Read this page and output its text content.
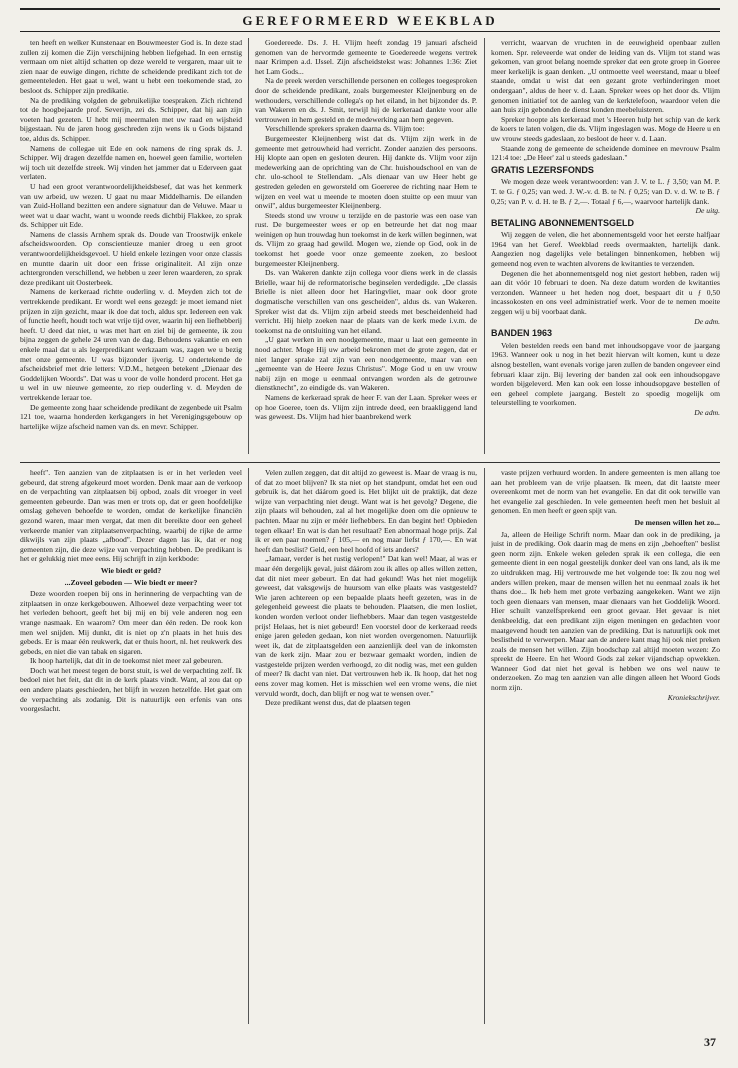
GEREFORMEERD WEEKBLAD

ten heeft en welker Kunstenaar en Bouwmeester God is. In deze stad zullen zij komen die Zijn verschijning hebben liefgehad. In een ernstig vermaan om niet altijd schatten op deze wereld te vergaren, maar uit te zien naar de euwige dingen, richtte de scheidende predikant zich tot de gemeenteleden. Het gaat u wel, want u hebt een toekomende stad, zo besloot ds. Schipper zijn predikatie.

Na de prediking volgden de gebruikelijke toespraken. Zich richtend tot de hoogbejaarde prof. Severijn, zei ds. Schipper, dat hij aan zijn voeten had gezeten. U hebt mij meermalen met uw raad en wijsheid bijgestaan. Nu de jaren hoog geschreden zijn wens ik u Gods bijstand toe, aldus ds. Schipper.

Namens de collegae uit Ede en ook namens de ring sprak ds. J. Schipper. Wij dragen dezelfde namen en, hoewel geen familie, wortelen wij toch uit dezelfde streek. Wij vinden het jammer dat u Ederveen gaat verlaten.

U had een groot verantwoordelijkheidsbesef, dat was het kenmerk van uw arbeid, uw wezen. U gaat nu maar Middelharnis. De eilanden van Zuid-Holland bezitten een andere signatuur dan de Veluwe. Maar u weet wat u daar wacht, want u woonde reeds dichtbij Flakkee, zo sprak ds. Schipper uit Ede.

Namens de classis Arnhem sprak ds. Doude van Troostwijk enkele afscheidswoorden. Op conscientieuze manier droeg u een groot verantwoordelijkheidsgevoel. U hield enkele lezingen voor onze classis en muntte daarin uit door een frisse originaliteit. Al zijn onze achtergronden verschillend, we hebben u zeer leren waarderen, zo sprak deze predikant uit Oosterbeek.

Namens de kerkeraad richtte ouderling v. d. Meyden zich tot de vertrekkende predikant. Er wordt wel eens gezegd: je moet iemand niet prijzen in zijn gezicht, maar ik doe dat toch, aldus spr. Iedereen een vak of functie heeft, houdt toch wat vrije tijd over, waarin hij een liefhebberij heeft. U deed dat niet, u was met hart en ziel bij de gemeente, ik zou bijna zeggen de gehele 24 uren van de dag. Behoudens vakantie en een enkele maal dat u als legerpredikant werkzaam was, zagen we u bezig met onze gemeente. U was bijzonder ijverig. U ondertekende de afscheidsbrief met drie letters: V.D.M., hetgeen betekent „Dienaar des Goddelijken Woords". Dat was u voor de volle honderd procent. Het ga u wel in uw nieuwe gemeente, zo riep ouderling v. d. Meyden de vertrekkende leraar toe.

De gemeente zong haar scheidende predikant de zegenbede uit Psalm 121 toe, waarna honderden kerkgangers in het Verenigingsgebouw op hartelijke wijze afscheid namen van ds. en mevr. Schipper.

Goedereede. Ds. J. H. Vlijm heeft zondag 19 januari afscheid genomen van de hervormde gemeente te Goedereede wegens vertrek naar Krimpen a.d. IJssel. Zijn afscheidstekst was: Johannes 1:36: Ziet het Lam Gods...

Na de preek werden verschillende personen en colleges toegesproken door de scheidende predikant, zoals burgemeester Kleijnenburg en de wethouders, verschillende collega's op het eiland, in het bijzonder ds. P. van Wakeren en ds. J. Smit, terwijl hij de kerkeraad dankte voor alle vertrouwen in hem gesteld en de medewerking aan hem gegeven.

Verschillende sprekers spraken daarna ds. Vlijm toe:

Burgemeester Kleijnenberg wist dat ds. Vlijm zijn werk in de gemeente met getrouwheid had verricht. Zonder aanzien des persoons. Hij klopte aan open en gesloten deuren. Hij dankte ds. Vlijm voor zijn medewerking aan de oprichting van de Chr. huishoudschool en van de chr. ulo-school te Stellendam. „Als dienaar van uw Heer hebt ge gestreden geleden en geworsteld om Goereree de richting naar Hem te wijzen en veel wat u meende te moeten doen stuitte op een muur van onwil", aldus burgemeester Kleijnenberg.

Steeds stond uw vrouw u terzijde en de pastorie was een oase van rust. De burgemeester wees er op en betreurde het dat nog maar weinigen op hun trouwdag hun toekomst in de kerk willen beginnen, wat ds. Vlijm zo graag had gewild. Mogen we, ziende op God, ook in de toekomst het goede voor onze gemeente zoeken, zo besloot burgemeester Kleijnenberg.

Ds. van Wakeren dankte zijn collega voor diens werk in de classis Brielle, waar hij de reformatorische beginselen verdedigde. „De classis Brielle is niet alleen door het Haringvliet, maar ook door grote dogmatische verschillen van ons gescheiden", aldus ds. van Wakeren. Spreker wist dat ds. Vlijm zijn arbeid steeds met bescheidenheid had verricht. Hij hielp zoeken naar de plaats van de kerk mede i.v.m. de toekomst na de ontsluiting van het eiland.

„U gaat werken in een noodgemeente, maar u laat een gemeente in nood achter. Moge Hij uw arbeid bekronen met de grote zegen, dat er niet langer sprake zal zijn van een noodgemeente, maar van een „gemeente van de Heere Jezus Christus". Moge God u en uw vrouw nabij zijn en moge u eenmaal ontvangen worden als de getrouwe dienstknecht", zo eindigde ds. van Wakeren.

Namens de kerkeraad sprak de heer F. van der Laan. Spreker wees er op hoe Goeree, toen ds. Vlijm zijn intrede deed, een braakliggend land was geweest. Ds. Vlijm had hier baanbrekend werk

verricht, waarvan de vruchten in de eeuwigheid openbaar zullen komen. Spr. releveerde wat onder de leiding van ds. Vlijm tot stand was gekomen, van groot belang noemde spreker dat een grote groep in Goeree meer kerkelijk is gaan denken. „U ontmoette veel weerstand, maar u bleef staande, omdat u wist dat een gezant grote verhinderingen moet ondergaan", aldus de heer v. d. Laan. Spreker wees op het door ds. Vlijm genomen initiatief tot de aanleg van de kerktelefoon, waardoor velen die aan huis zijn gebonden de dienst konden meebeluisteren.

Spreker hoopte als kerkeraad met 's Heeren hulp het schip van de kerk de koers te laten volgen, die ds. Vlijm ingeslagen was. Moge de Heere u en uw vrouw steeds gadeslaan, zo besloot de heer v. d. Laan.

Staande zong de gemeente de scheidende dominee en mevrouw Psalm 121:4 toe: „De Heer' zal u steeds gadeslaan."

GRATIS LEZERSFONDS

We mogen deze week verantwoorden: van J. V. te L. ƒ 3,50; van M. P. T. te G. ƒ 0,25; van wed. J. W.-v. d. B. te N. ƒ 0,25; van D. v. d. W. te B. ƒ 0,25; van P. v. d. H. te B. ƒ 2,—. Totaal ƒ 6,—, waarvoor hartelijk dank.

De uitg.
BETALING ABONNEMENTSGELD

Wij zeggen de velen, die het abonnementsgeld voor het eerste halfjaar 1964 van het Geref. Weekblad reeds overmaakten, hartelijk dank. Aangezien nog dagelijks vele betalingen binnenkomen, hebben wij gemeend nog even te wachten alvorens de kwitanties te verzenden.

Degenen die het abonnementsgeld nog niet gestort hebben, raden wij aan dit vóór 10 februari te doen. Na deze datum worden de kwitanties verzonden. Wanneer u het heden nog doet, bespaart dit u ƒ 0,50 incassokosten en ons veel administratief werk. Voor de te nemen moeite zeggen wij u bij voorbaat dank.

De adm.
BANDEN 1963

Velen bestelden reeds een band met inhoudsopgave voor de jaargang 1963. Wanneer ook u nog in het bezit hiervan wilt komen, kunt u deze alsnog bestellen, want evenals vorige jaren zullen de banden ongeveer eind februari klaar zijn. Bij levering der banden zal ook een inhoudsopgave worden bijgeleverd. Men kan ook een losse inhoudsopgave bestellen of een geheel complete jaargang. Bestelt zo spoedig mogelijk om teleurstelling te voorkomen.

De adm.

heeft". Ten aanzien van de zitplaatsen is er in het verleden veel gebeurd, dat streng afgekeurd moet worden. Denk maar aan de verkoop en de verpachting van zitplaatsen bij opbod, zoals dit vroeger in veel gemeenten gebeurde. Dan was men er trots op, dat er geen hoofdelijke omslag geheven behoefde te worden, omdat de kerkelijke financiën gezond waren, maar men vergat, dat men dit bereikte door een geheel verkeerde manier van zitplaatsenverpachting, waarbij de rijke de arme dikwijls van zijn plaats „afbood". Dezer dagen las ik, dat er nog gemeenten zijn, die deze wijze van verpachting hebben. De predikant is het er gelukkig niet mee eens. Hij schrijft in zijn kerkbode:

Wie biedt er geld?
...Zoveel geboden — Wie biedt er meer?

Deze woorden roepen bij ons in herinnering de verpachting van de zitplaatsen in onze kerkgebouwen. Alhoewel deze verpachting weer tot het verleden behoort, geeft het bij mij en bij vele anderen nog een vrange nasmaak. En waarom? Om meer dan één reden. De rook kon men wel snijden. Mij dunkt, dit is niet op z'n plaats in het huis des gebeds. Er is maar één reukwerk, dat er thuis hoort, nl. het reukwerk des gebeds, en niet die van tabak en sigaren.

Ik hoop hartelijk, dat dit in de toekomst niet meer zal gebeuren.

Doch wat het meest tegen de borst stuit, is wel de verpachting zelf. Ik bedoel niet het feit, dat dit in de kerk plaats vindt. Want, al zou dat op een andere plaats geschieden, het blijft in wezen hetzelfde. Het gaat om de verpachting als zodanig. Dit is natuurlijk een erfenis van ons voorgeslacht.

Velen zullen zeggen, dat dit altijd zo geweest is. Maar de vraag is nu, of dat zo moet blijven? Ik sta niet op het standpunt, omdat het een oud gebruik is, dat het dáárom goed is. Het blijkt uit de praktijk, dat deze wijze van verpachting niet deugt. Want wat is het gevolg? Degene, die zijn plaats wil behouden, zal al het mogelijke doen om die opnieuw te pachten. Maar nu zijn er méér liefhebbers. En dan begint het! Opbieden tegen elkaar! En wat is dan het resultaat? Een abnormaal hoge prijs. Zal ik er een paar noemen? ƒ 105,— en nog maar liefst ƒ 170,—. En wat heeft dan beslist? Geld, een heel hoofd of iets anders?

„Jamaar, verder is het rustig verlopen!" Dat kan wel! Maar, al was er maar één dergelijk geval, juist dáárom zou ik alles op alles willen zetten, dat dit niet meer gebeurt. En dat had gekund! Was het niet mogelijk geweest, dat vaksgewijs de huursom van elke plaats was vastgesteld? Wie jaren achtereen op een bepaalde plaats heeft gezeten, was in de gelegenheid geweest die plaats te behouden. Plaatsen, die men losliet, konden worden verloot onder liefhebbers. Maar dan tegen vastgestelde prijs! Helaas, het is niet gebeurd! Een voorstel door de kerkeraad reeds enige jaren geleden gedaan, kon niet worden overgenomen. Natuurlijk weet ik, dat de zitplaatsgelden een aanzienlijk deel van de inkomsten van de kerk zijn. Maar zou er bezwaar gemaakt worden, indien de vastgestelde prijzen werden verhoogd, zo dit nodig was, met een gulden of meer? Ik dacht van niet. Dat vertrouwen heb ik. Ik hoop, dat het nog eens zover mag komen. Het is misschien wel een vrome wens, die niet vervuld wordt, doch, dan blijft er nog wat te wensen over."

Deze predikant wenst dus, dat de plaatsen tegen

vaste prijzen verhuurd worden. In andere gemeenten is men allang toe aan het probleem van de vrije plaatsen. Ik meen, dat dit laatste meer overeenkomt met de norm van het evangelie. En dat dit ook terwille van het evangelie zal geschieden. In vele gemeenten heeft men het besluit al genomen. En men heeft er geen spijt van.

De mensen willen het zo...

Ja, alleen de Heilige Schrift norm. Maar dan ook in de prediking, ja juist in de prediking. Ook daarin mag de mens en zijn „behoeften" beslist geen norm zijn. Enkele weken geleden sprak ik een collega, die een gemeente dient in een nogal geestelijk donker deel van ons land, als ik me zo uitdrukken mag. Hij vertrouwde me het volgende toe: Ik zou nog wel anders willen preken, maar de mensen willen het nu eenmaal zoals ik het thans doe... Ik heb hem met grote verbazing aangekeken. Want we zijn toch geen dienaars van mensen, maar dienaars van het Goddelijk Woord. Hier schuilt vanzelfsprekend een groot gevaar. Het gevaar is niet denkbeeldig, dat een predikant zijn eigen meningen en gedachten voor maatgevend houdt ten aanzien van de prediking. Dat is natuurlijk ook met beslistheid te verwerpen. Maar aan de andere kant mag hij ook niet preken zoals de mensen het willen. Zijn boodschap zal altijd moeten wezen: Zo spreekt de Heere. En het Woord Gods zal zeker vijandschap opwekken. Wanneer God dat niet het geval is hebben we ons wel nauw te onderzoeken. Zo mag ten aanzien van alle dingen alleen het Woord Gods norm zijn.

Kroniekschrijver.
37
